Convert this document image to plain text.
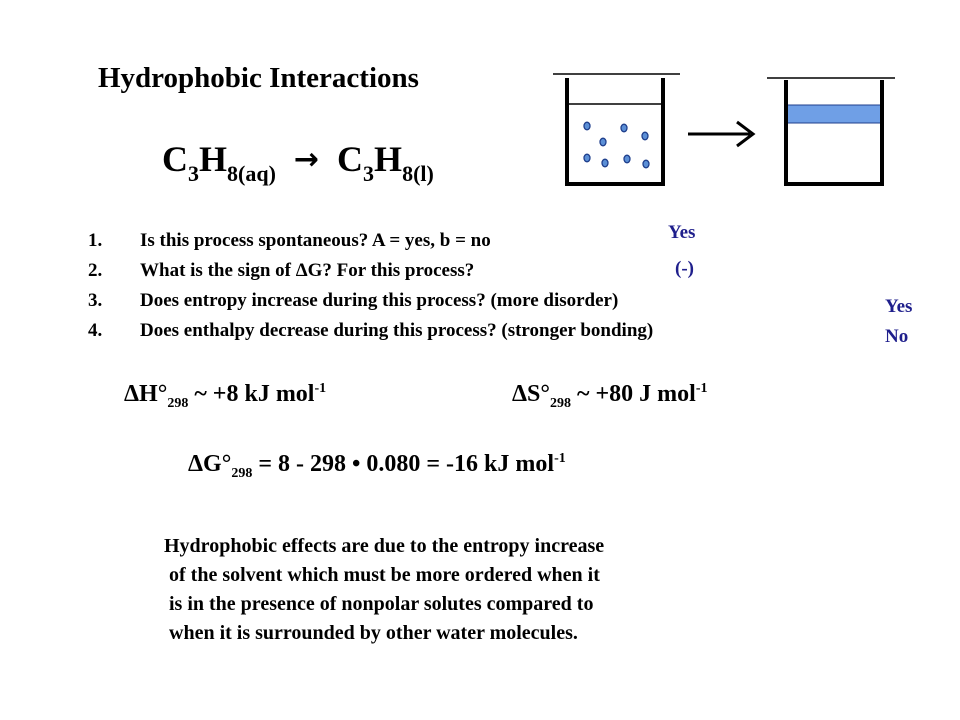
Hydrophobic Interactions
$C_3H_{8(aq)} \to C_3H_{8(l)}$
1.	Is this process spontaneous? A = yes, b = no
2.	What is the sign of ΔG? For this process?
3.	Does entropy increase during this process? (more disorder)
4.	Does enthalpy decrease during this process? (stronger bonding)
Yes
(-)
Yes
No
$\Delta H^\circ_{298}$ ~ +8 kJ mol$^{-1}$	$\Delta S^\circ_{298}$ ~ +80 J mol$^{-1}$
$\Delta G^\circ_{298} = 8 - 298$ • 0.080 = -16 kJ mol$^{-1}$
Hydrophobic effects are due to the entropy increase
of the solvent which must be more ordered when it
is in the presence of nonpolar solutes compared to
when it is surrounded by other water molecules.
